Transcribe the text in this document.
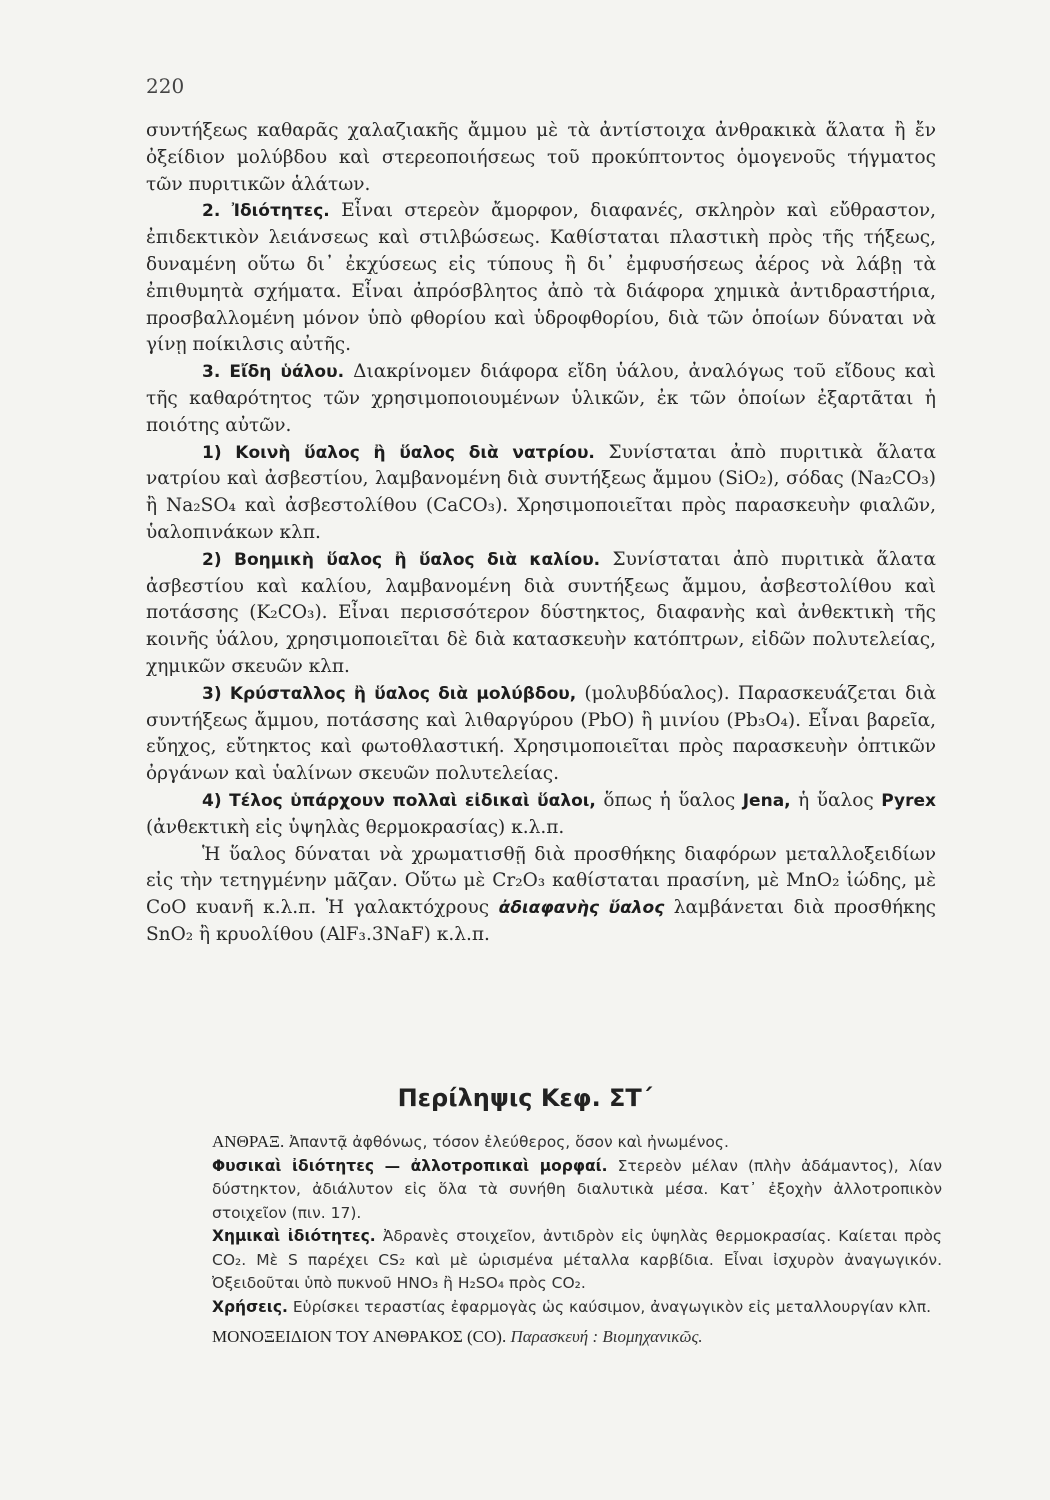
220

συντήξεως καθαρᾶς χαλαζιακῆς ἄμμου μὲ τὰ ἀντίστοιχα ἀνθρακικὰ ἅλατα ἢ ἔν ὀξείδιον μολύβδου καὶ στερεοποιήσεως τοῦ προκύπτοντος ὁμογενοῦς τήγματος τῶν πυριτικῶν ἁλάτων.

2. Ἰδιότητες. Εἶναι στερεὸν ἄμορφον, διαφανές, σκληρὸν καὶ εὔθραστον, ἐπιδεκτικὸν λειάνσεως καὶ στιλβώσεως. Καθίσταται πλαστικὴ πρὸς τῆς τήξεως, δυναμένη οὕτω δι᾽ ἐκχύσεως εἰς τύπους ἢ δι᾽ ἐμφυσήσεως ἀέρος νὰ λάβῃ τὰ ἐπιθυμητὰ σχήματα. Εἶναι ἀπρόσβλητος ἀπὸ τὰ διάφορα χημικὰ ἀντιδραστήρια, προσβαλλομένη μόνον ὑπὸ φθορίου καὶ ὑδροφθορίου, διὰ τῶν ὁποίων δύναται νὰ γίνῃ ποίκιλσις αὐτῆς.

3. Εἴδη ὑάλου. Διακρίνομεν διάφορα εἴδη ὑάλου, ἀναλόγως τοῦ εἴδους καὶ τῆς καθαρότητος τῶν χρησιμοποιουμένων ὑλικῶν, ἐκ τῶν ὁποίων ἐξαρτᾶται ἡ ποιότης αὐτῶν.

1) Κοινὴ ὕαλος ἢ ὕαλος διὰ νατρίου. Συνίσταται ἀπὸ πυριτικὰ ἅλατα νατρίου καὶ ἀσβεστίου, λαμβανομένη διὰ συντήξεως ἄμμου (SiO₂), σόδας (Na₂CO₃) ἢ Na₂SO₄ καὶ ἀσβεστολίθου (CaCO₃). Χρησιμοποιεῖται πρὸς παρασκευὴν φιαλῶν, ὑαλοπινάκων κλπ.

2) Βοημικὴ ὕαλος ἢ ὕαλος διὰ καλίου. Συνίσταται ἀπὸ πυριτικὰ ἅλατα ἀσβεστίου καὶ καλίου, λαμβανομένη διὰ συντήξεως ἄμμου, ἀσβεστολίθου καὶ ποτάσσης (K₂CO₃). Εἶναι περισσότερον δύστηκτος, διαφανὴς καὶ ἀνθεκτικὴ τῆς κοινῆς ὑάλου, χρησιμοποιεῖται δὲ διὰ κατασκευὴν κατόπτρων, εἰδῶν πολυτελείας, χημικῶν σκευῶν κλπ.

3) Κρύσταλλος ἢ ὕαλος διὰ μολύβδου, (μολυβδύαλος). Παρασκευάζεται διὰ συντήξεως ἄμμου, ποτάσσης καὶ λιθαργύρου (PbO) ἢ μινίου (Pb₃O₄). Εἶναι βαρεῖα, εὔηχος, εὔτηκτος καὶ φωτοθλαστική. Χρησιμοποιεῖται πρὸς παρασκευὴν ὀπτικῶν ὀργάνων καὶ ὑαλίνων σκευῶν πολυτελείας.

4) Τέλος ὑπάρχουν πολλαὶ εἰδικαὶ ὕαλοι, ὅπως ἡ ὕαλος Jena, ἡ ὕαλος Pyrex (ἀνθεκτικὴ εἰς ὑψηλὰς θερμοκρασίας) κ.λ.π.

Ἡ ὕαλος δύναται νὰ χρωματισθῇ διὰ προσθήκης διαφόρων μεταλλοξειδίων εἰς τὴν τετηγμένην μᾶζαν. Οὕτω μὲ Cr₂O₃ καθίσταται πρασίνη, μὲ MnO₂ ἰώδης, μὲ CoO κυανῆ κ.λ.π. Ἡ γαλακτόχρους ἀδιαφανὴς ὕαλος λαμβάνεται διὰ προσθήκης SnO₂ ἢ κρυολίθου (AlF₃.3NaF) κ.λ.π.

Περίληψις Κεφ. ΣΤ΄

ΑΝΘΡΑΞ. Ἀπαντᾷ ἀφθόνως, τόσον ἐλεύθερος, ὅσον καὶ ἠνωμένος.

Φυσικαὶ ἰδιότητες — ἀλλοτροπικαὶ μορφαί. Στερεὸν μέλαν (πλὴν ἀδάμαντος), λίαν δύστηκτον, ἀδιάλυτον εἰς ὅλα τὰ συνήθη διαλυτικὰ μέσα. Κατ᾽ ἐξοχὴν ἀλλοτροπικὸν στοιχεῖον (πιν. 17).

Χημικαὶ ἰδιότητες. Ἀδρανὲς στοιχεῖον, ἀντιδρὸν εἰς ὑψηλὰς θερμοκρασίας. Καίεται πρὸς CO₂. Μὲ S παρέχει CS₂ καὶ μὲ ὡρισμένα μέταλλα καρβίδια. Εἶναι ἰσχυρὸν ἀναγωγικόν. Ὀξειδοῦται ὑπὸ πυκνοῦ HNO₃ ἢ H₂SO₄ πρὸς CO₂.

Χρήσεις. Εὑρίσκει τεραστίας ἐφαρμογὰς ὡς καύσιμον, ἀναγωγικὸν εἰς μεταλλουργίαν κλπ.

ΜΟΝΟΞΕΙΔΙΟΝ ΤΟΥ ΑΝΘΡΑΚΟΣ (CO). Παρασκευή : Βιομηχανικῶς.
